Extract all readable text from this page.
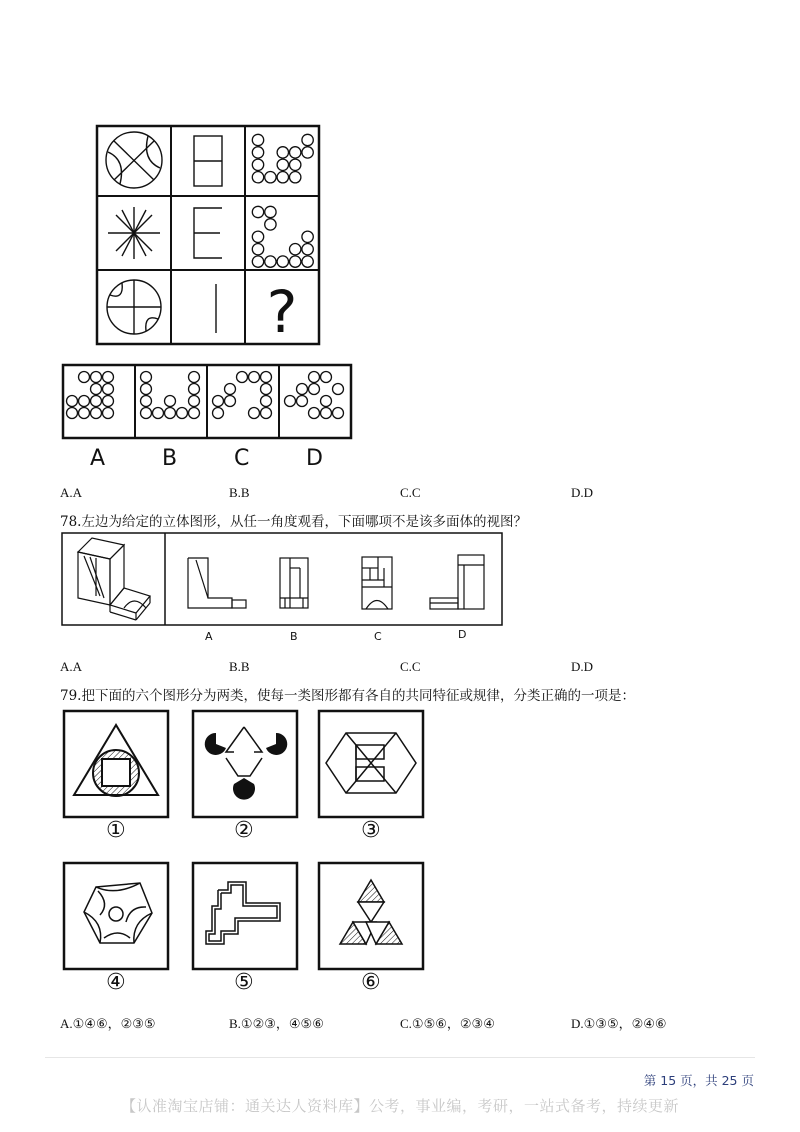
?
A	B	C	D
A.A	B.B	C.C	D.D
78.左边为给定的立体图形，从任一角度观看，下面哪项不是该多面体的视图？
A	B	C	D
A.A	B.B	C.C	D.D
79.把下面的六个图形分为两类，使每一类图形都有各自的共同特征或规律，分类正确的一项是：
①	②	③
④	⑤	⑥
A.①④⑥，②③⑤	B.①②③，④⑤⑥	C.①⑤⑥，②③④	D.①③⑤，②④⑥
第 15 页，共 25 页
【认准淘宝店铺：通关达人资料库】公考，事业编，考研，一站式备考，持续更新
